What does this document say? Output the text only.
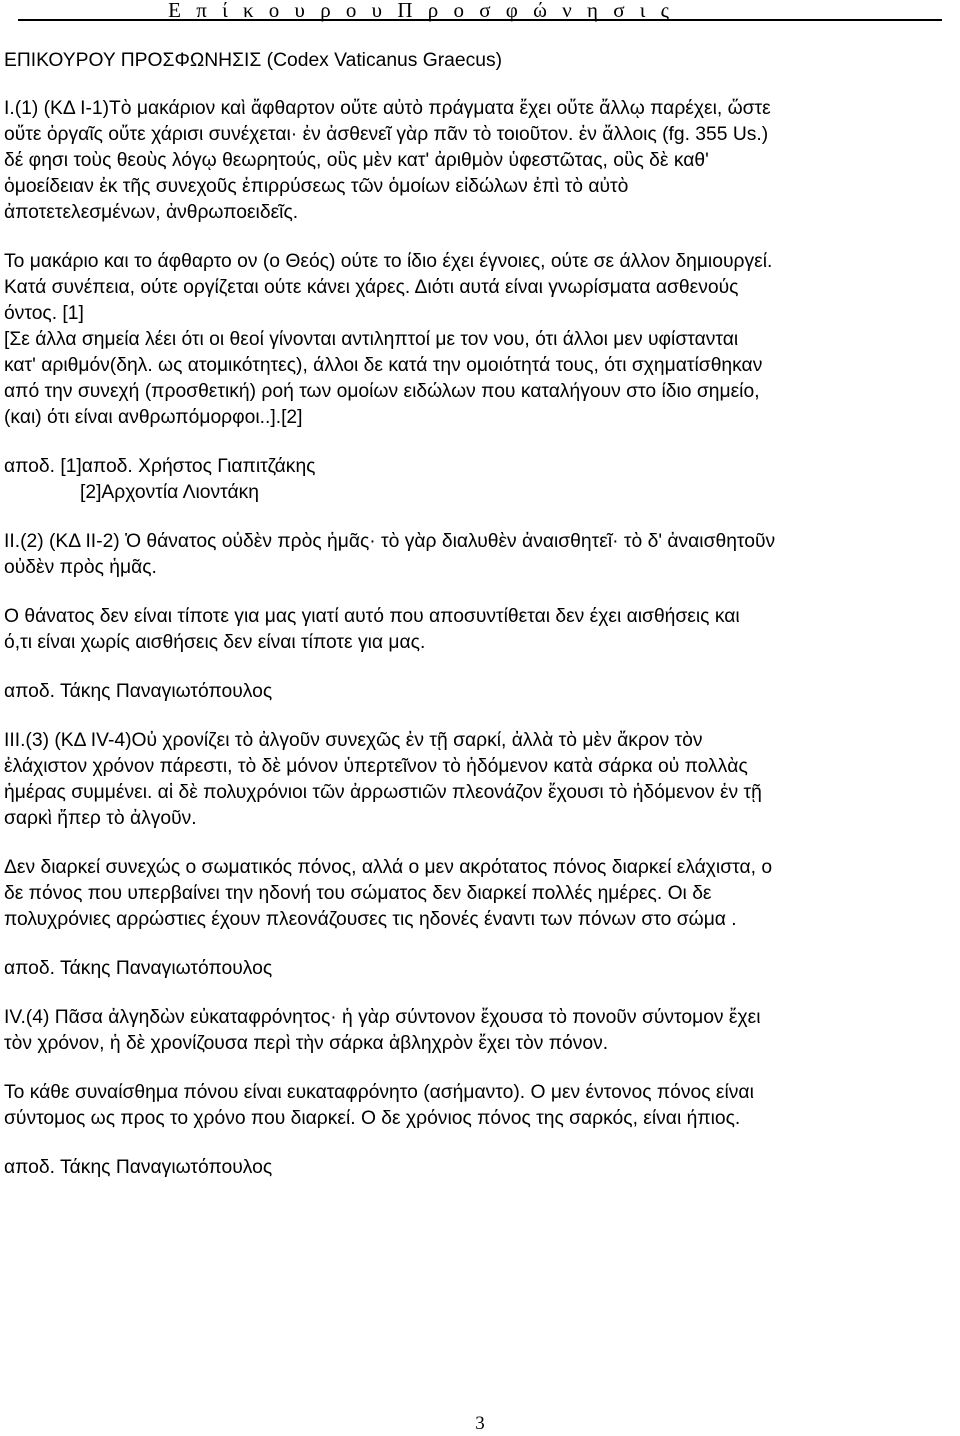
Ε π ί κ ο υ ρ ο υ Π ρ ο σ φ ώ ν η σ ι ς

ΕΠΙΚΟΥΡΟΥ ΠΡΟΣΦΩΝΗΣΙΣ (Codex Vaticanus Graecus)

I.(1) (ΚΔ I-1)Τὸ μακάριον καὶ ἄφθαρτον οὔτε αὐτὸ πράγματα ἔχει οὔτε ἄλλῳ παρέχει, ὥστε

οὔτε ὀργαῖς οὔτε χάρισι συνέχεται· ἐν ἀσθενεῖ γὰρ πᾶν τὸ τοιοῦτον. ἐν ἄλλοις (fg. 355 Us.)

δέ φησι τοὺς θεοὺς λόγῳ θεωρητούς, οὓς μὲν κατ' ἀριθμὸν ὑφεστῶτας, οὓς δὲ καθ'

ὁμοείδειαν ἐκ τῆς συνεχοῦς ἐπιρρύσεως τῶν ὁμοίων εἰδώλων ἐπὶ τὸ αὐτὸ

ἀποτετελεσμένων, ἀνθρωποειδεῖς.

Το μακάριο και το άφθαρτο ον (ο Θεός) ούτε το ίδιο έχει έγνοιες, ούτε σε άλλον δημιουργεί.

Κατά συνέπεια, ούτε οργίζεται ούτε κάνει χάρες. Διότι αυτά είναι γνωρίσματα ασθενούς

όντος. [1]

[Σε άλλα σημεία λέει ότι οι θεοί γίνονται αντιληπτοί με τον νου, ότι άλλοι μεν υφίστανται

κατ' αριθμόν(δηλ. ως ατομικότητες), άλλοι δε κατά την ομοιότητά τους, ότι σχηματίσθηκαν

από την συνεχή (προσθετική) ροή των ομοίων ειδώλων που καταλήγουν στο ίδιο σημείο,

(και) ότι είναι ανθρωπόμορφοι..].[2]

αποδ. [1]αποδ. Χρήστος Γιαπιτζάκης

[2]Αρχοντία Λιοντάκη

II.(2) (ΚΔ II-2) Ὁ θάνατος οὐδὲν πρὸς ἡμᾶς· τὸ γὰρ διαλυθὲν ἀναισθητεῖ· τὸ δ' ἀναισθητοῦν

οὐδὲν πρὸς ἡμᾶς.

Ο θάνατος δεν είναι τίποτε για μας γιατί αυτό που αποσυντίθεται δεν έχει αισθήσεις και

ό,τι είναι χωρίς αισθήσεις δεν είναι τίποτε για μας.

αποδ. Τάκης Παναγιωτόπουλος

III.(3) (ΚΔ IV-4)Οὐ χρονίζει τὸ ἀλγοῦν συνεχῶς ἐν τῇ σαρκί, ἀλλὰ τὸ μὲν ἄκρον τὸν

ἐλάχιστον χρόνον πάρεστι, τὸ δὲ μόνον ὑπερτεῖνον τὸ ἡδόμενον κατὰ σάρκα οὐ πολλὰς

ἡμέρας συμμένει. αἱ δὲ πολυχρόνιοι τῶν ἀρρωστιῶν πλεονάζον ἔχουσι τὸ ἡδόμενον ἐν τῇ

σαρκὶ ἤπερ τὸ ἀλγοῦν.

Δεν διαρκεί συνεχώς ο σωματικός πόνος, αλλά ο μεν ακρότατος πόνος διαρκεί ελάχιστα, ο

δε πόνος που υπερβαίνει την ηδονή του σώματος δεν διαρκεί πολλές ημέρες. Οι δε

πολυχρόνιες αρρώστιες έχουν πλεονάζουσες τις ηδονές έναντι των πόνων στο σώμα .

αποδ. Τάκης Παναγιωτόπουλος

IV.(4) Πᾶσα ἀλγηδὼν εὐκαταφρόνητος· ἡ γὰρ σύντονον ἔχουσα τὸ πονοῦν σύντομον ἔχει

τὸν χρόνον, ἡ δὲ χρονίζουσα περὶ τὴν σάρκα ἀβληχρὸν ἔχει τὸν πόνον.

Το κάθε συναίσθημα πόνου είναι ευκαταφρόνητο (ασήμαντο). Ο μεν έντονος πόνος είναι

σύντομος ως προς το χρόνο που διαρκεί. Ο δε χρόνιος πόνος της σαρκός, είναι ήπιος.

αποδ. Τάκης Παναγιωτόπουλος

3
